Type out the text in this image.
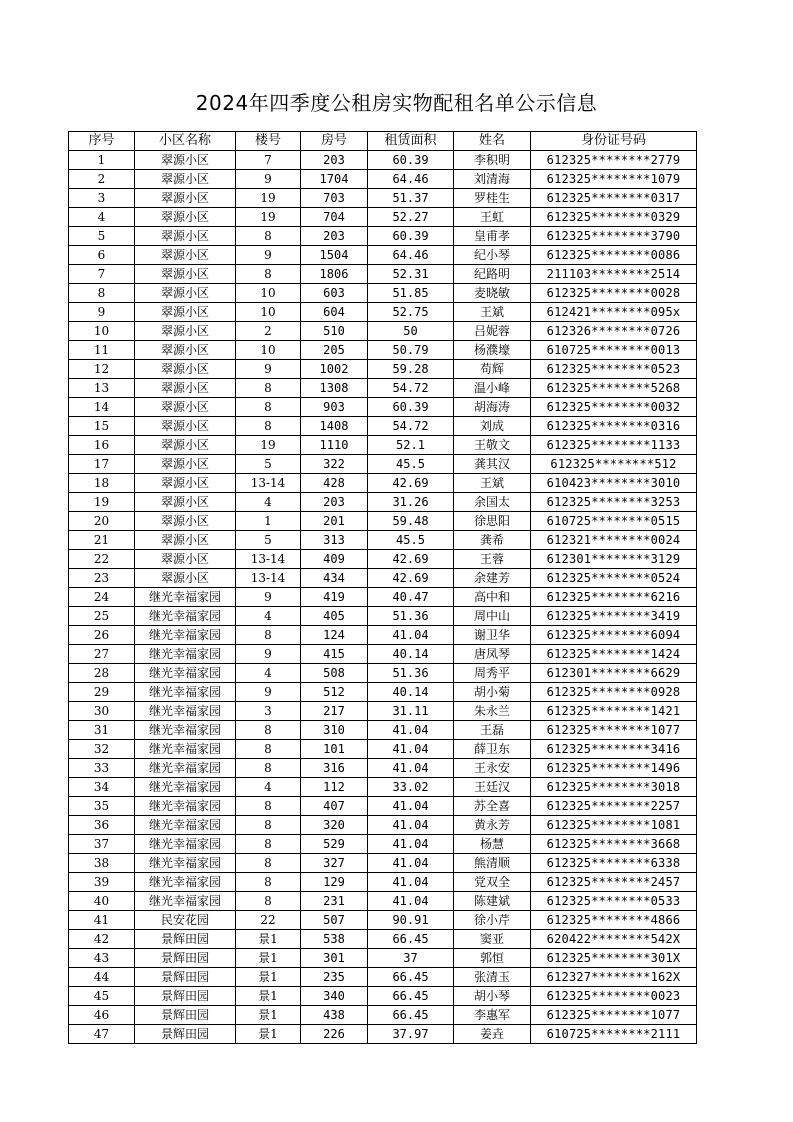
2024年四季度公租房实物配租名单公示信息
序号	小区名称	楼号	房号	租赁面积	姓名	身份证号码
1	翠源小区	7	203	60.39	李积明	612325********2779
2	翠源小区	9	1704	64.46	刘清海	612325********1079
3	翠源小区	19	703	51.37	罗桂生	612325********0317
4	翠源小区	19	704	52.27	王虹	612325********0329
5	翠源小区	8	203	60.39	皇甫孝	612325********3790
6	翠源小区	9	1504	64.46	纪小琴	612325********0086
7	翠源小区	8	1806	52.31	纪路明	211103********2514
8	翠源小区	10	603	51.85	麦晓敏	612325********0028
9	翠源小区	10	604	52.75	王斌	612421********095x
10	翠源小区	2	510	50	吕妮蓉	612326********0726
11	翠源小区	10	205	50.79	杨濮壕	610725********0013
12	翠源小区	9	1002	59.28	苟辉	612325********0523
13	翠源小区	8	1308	54.72	温小峰	612325********5268
14	翠源小区	8	903	60.39	胡海涛	612325********0032
15	翠源小区	8	1408	54.72	刘成	612325********0316
16	翠源小区	19	1110	52.1	王敬文	612325********1133
17	翠源小区	5	322	45.5	龚其汉	612325********512
18	翠源小区	13-14	428	42.69	王斌	610423********3010
19	翠源小区	4	203	31.26	余国太	612325********3253
20	翠源小区	1	201	59.48	徐思阳	610725********0515
21	翠源小区	5	313	45.5	龚希	612321********0024
22	翠源小区	13-14	409	42.69	王蓉	612301********3129
23	翠源小区	13-14	434	42.69	余建芳	612325********0524
24	继光幸福家园	9	419	40.47	高中和	612325********6216
25	继光幸福家园	4	405	51.36	周中山	612325********3419
26	继光幸福家园	8	124	41.04	谢卫华	612325********6094
27	继光幸福家园	9	415	40.14	唐凤琴	612325********1424
28	继光幸福家园	4	508	51.36	周秀平	612301********6629
29	继光幸福家园	9	512	40.14	胡小菊	612325********0928
30	继光幸福家园	3	217	31.11	朱永兰	612325********1421
31	继光幸福家园	8	310	41.04	王磊	612325********1077
32	继光幸福家园	8	101	41.04	薛卫东	612325********3416
33	继光幸福家园	8	316	41.04	王永安	612325********1496
34	继光幸福家园	4	112	33.02	王廷汉	612325********3018
35	继光幸福家园	8	407	41.04	苏全喜	612325********2257
36	继光幸福家园	8	320	41.04	黄永芳	612325********1081
37	继光幸福家园	8	529	41.04	杨慧	612325********3668
38	继光幸福家园	8	327	41.04	熊清顺	612325********6338
39	继光幸福家园	8	129	41.04	党双全	612325********2457
40	继光幸福家园	8	231	41.04	陈建斌	612325********0533
41	民安花园	22	507	90.91	徐小芹	612325********4866
42	景辉田园	景1	538	66.45	窦亚	620422********542X
43	景辉田园	景1	301	37	郭恒	612325********301X
44	景辉田园	景1	235	66.45	张清玉	612327********162X
45	景辉田园	景1	340	66.45	胡小琴	612325********0023
46	景辉田园	景1	438	66.45	李惠军	612325********1077
47	景辉田园	景1	226	37.97	姜垚	610725********2111
